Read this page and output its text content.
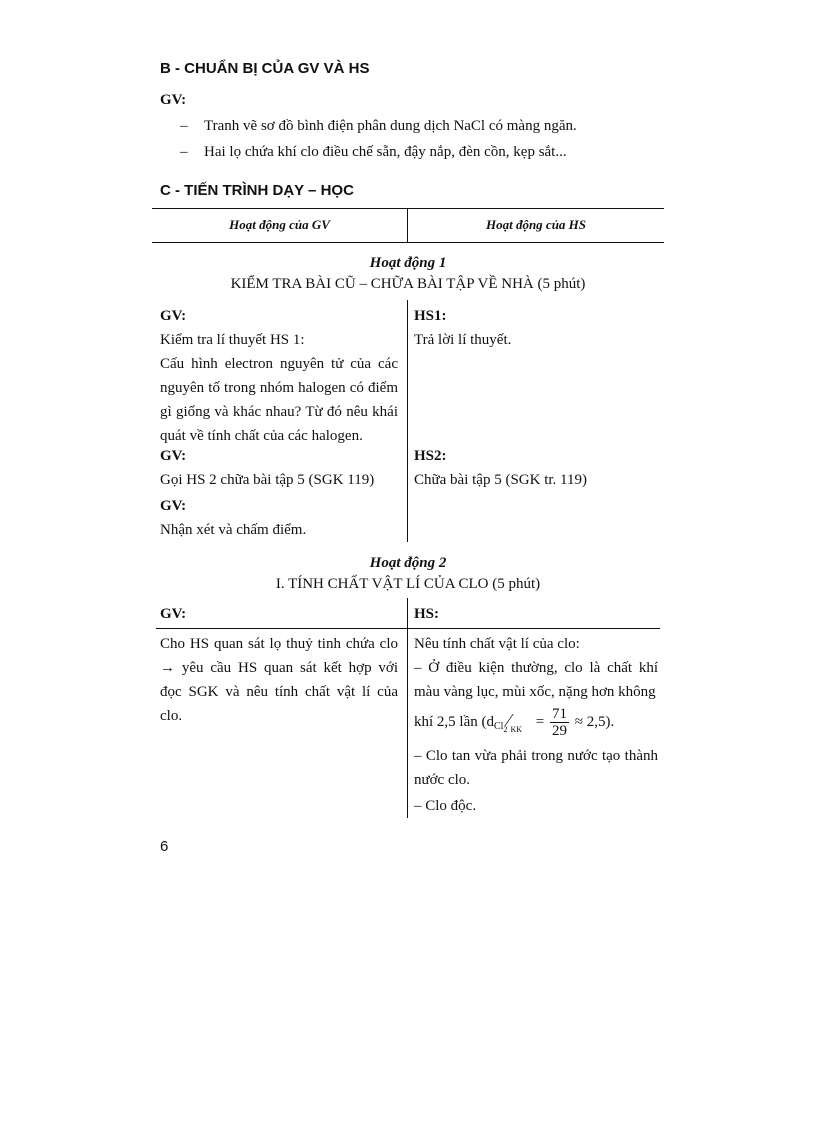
B - CHUẨN BỊ CỦA GV VÀ HS
GV:
– Tranh vẽ sơ đồ bình điện phân dung dịch NaCl có màng ngăn.
– Hai lọ chứa khí clo điều chế sẵn, đậy nắp, đèn cồn, kẹp sắt...
C - TIẾN TRÌNH DẠY – HỌC
Hoạt động của GV	Hoạt động của HS
Hoạt động 1
KIỂM TRA BÀI CŨ – CHỮA BÀI TẬP VỀ NHÀ (5 phút)
GV:
Kiểm tra lí thuyết HS 1:
Cấu hình electron nguyên tử của các nguyên tố trong nhóm halogen có điểm gì giống và khác nhau? Từ đó nêu khái quát về tính chất của các halogen.
HS1:
Trả lời lí thuyết.
GV:
Gọi HS 2 chữa bài tập 5 (SGK 119)
HS2:
Chữa bài tập 5 (SGK tr. 119)
GV:
Nhận xét và chấm điểm.
Hoạt động 2
I. TÍNH CHẤT VẬT LÍ CỦA CLO (5 phút)
GV:
Cho HS quan sát lọ thuỷ tinh chứa clo → yêu cầu HS quan sát kết hợp với đọc SGK và nêu tính chất vật lí của clo.
HS:
Nêu tính chất vật lí của clo:
– Ở điều kiện thường, clo là chất khí màu vàng lục, mùi xốc, nặng hơn không
khí 2,5 lần $(d_{Cl2}⁄_{KK} = \frac{71}{29} \approx 2,5)$.
– Clo tan vừa phải trong nước tạo thành nước clo.
– Clo độc.
6
